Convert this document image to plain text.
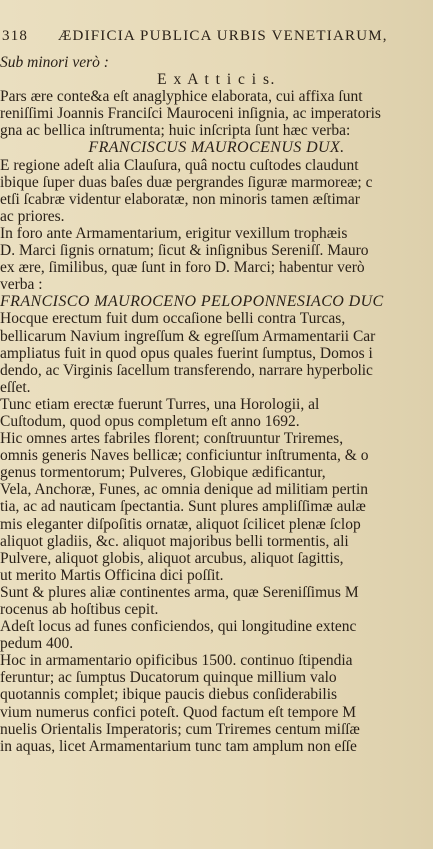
318 ÆDIFICIA PUBLICA URBIS VENETIARUM,
Sub minori verò :
E x A t t i c i s.
Pars ære conte&a eſt anaglyphice elaborata, cui affixa ſunt
reniſſimi Joannis Franciſci Mauroceni inſignia, ac imperatoris
gna ac bellica inſtrumenta; huic inſcripta ſunt hæc verba:
FRANCISCUS MAUROCENUS DUX.
E regione adeſt alia Clauſura, quâ noctu cuſtodes claudunt
ibique ſuper duas baſes duæ pergrandes ſiguræ marmoreæ; c
etſi ſcabræ videntur elaboratæ, non minoris tamen æſtimar
ac priores.
In foro ante Armamentarium, erigitur vexillum trophæis
D. Marci ſignis ornatum; ſicut & inſignibus Sereniſſ. Mauro
ex ære, ſimilibus, quæ ſunt in foro D. Marci; habentur verò
verba :
FRANCISCO MAUROCENO PELOPONNESIACO DUC
Hocque erectum fuit dum occaſione belli contra Turcas,
bellicarum Navium ingreſſum & egreſſum Armamentarii Car
ampliatus fuit in quod opus quales fuerint ſumptus, Domos i
dendo, ac Virginis ſacellum transferendo, narrare hyperbolic
eſſet.
Tunc etiam erectæ fuerunt Turres, una Horologii, al
Cuſtodum, quod opus completum eſt anno 1692.
Hic omnes artes fabriles florent; conſtruuntur Triremes,
omnis generis Naves bellicæ; conficiuntur inſtrumenta, & o
genus tormentorum; Pulveres, Globique ædificantur,
Vela, Anchoræ, Funes, ac omnia denique ad militiam pertin
tia, ac ad nauticam ſpectantia. Sunt plures ampliſſimæ aulæ
mis eleganter diſpoſitis ornatæ, aliquot ſcilicet plenæ ſclop
aliquot gladiis, &c. aliquot majoribus belli tormentis, ali
Pulvere, aliquot globis, aliquot arcubus, aliquot ſagittis,
ut merito Martis Officina dici poſſit.
Sunt & plures aliæ continentes arma, quæ Sereniſſimus M
rocenus ab hoſtibus cepit.
Adeſt locus ad funes conficiendos, qui longitudine extenc
pedum 400.
Hoc in armamentario opificibus 1500. continuo ſtipendia
feruntur; ac ſumptus Ducatorum quinque millium valo
quotannis complet; ibique paucis diebus conſiderabilis
vium numerus confici poteſt. Quod factum eſt tempore M
nuelis Orientalis Imperatoris; cum Triremes centum miſſæ
in aquas, licet Armamentarium tunc tam amplum non eſſe
